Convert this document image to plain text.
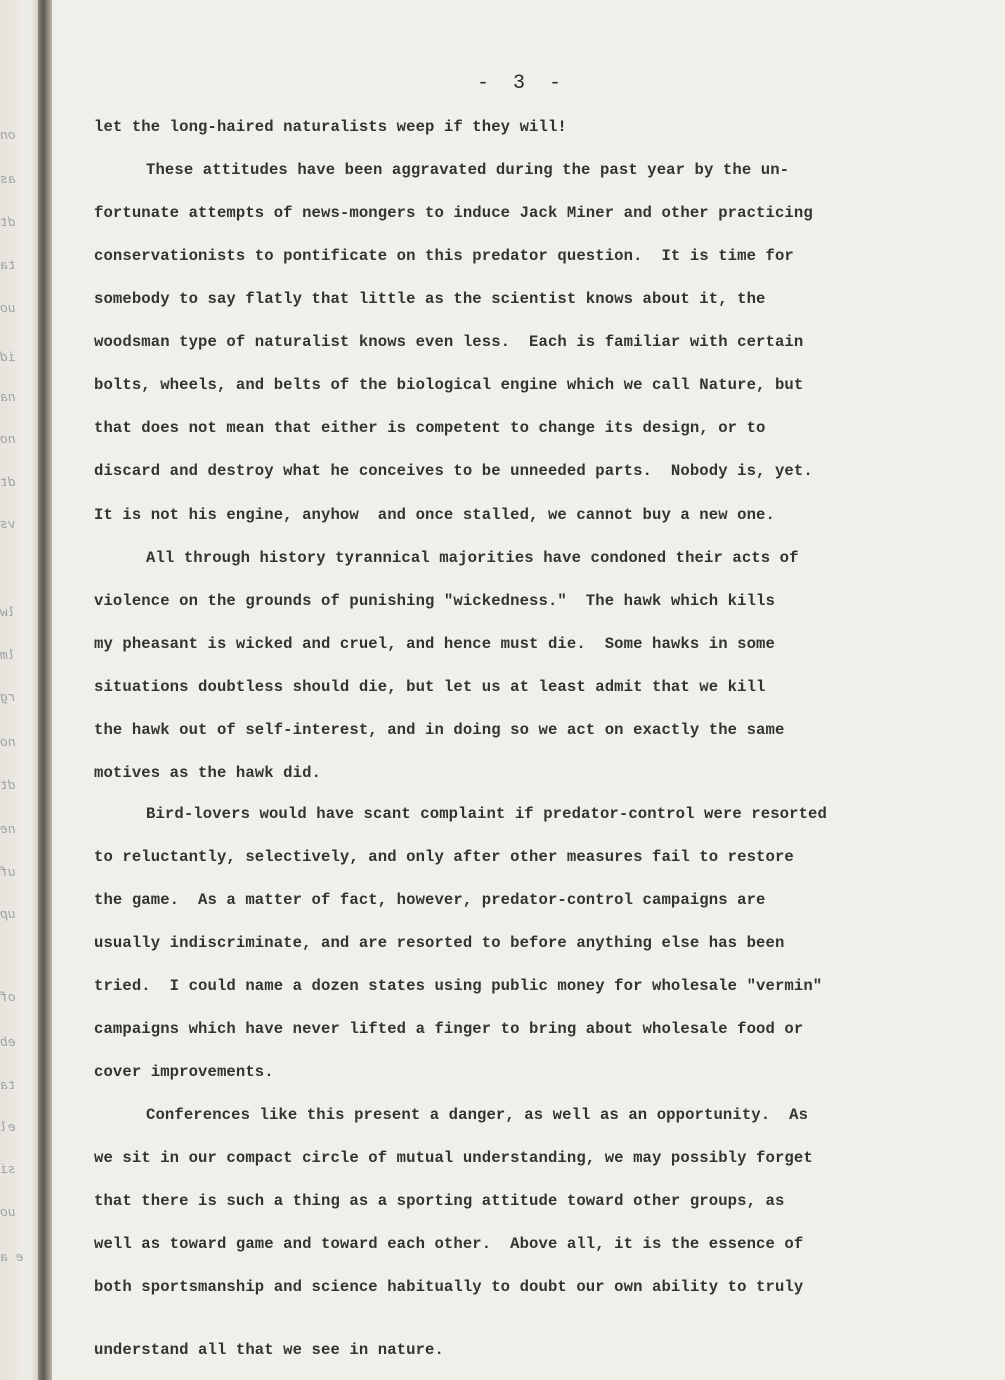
on
as
dt
ta
uo
id
na
no
dt
vs
lw
lm
rg
no
dt
ne
uf
up
of
eb
ta
el
si
uo
e a
- 3 -
let the long-haired naturalists weep if they will!
These attitudes have been aggravated during the past year by the un-
fortunate attempts of news-mongers to induce Jack Miner and other practicing
conservationists to pontificate on this predator question.  It is time for
somebody to say flatly that little as the scientist knows about it, the
woodsman type of naturalist knows even less.  Each is familiar with certain
bolts, wheels, and belts of the biological engine which we call Nature, but
that does not mean that either is competent to change its design, or to
discard and destroy what he conceives to be unneeded parts.  Nobody is, yet.
It is not his engine, anyhow  and once stalled, we cannot buy a new one.
All through history tyrannical majorities have condoned their acts of
violence on the grounds of punishing "wickedness."  The hawk which kills
my pheasant is wicked and cruel, and hence must die.  Some hawks in some
situations doubtless should die, but let us at least admit that we kill
the hawk out of self-interest, and in doing so we act on exactly the same
motives as the hawk did.
Bird-lovers would have scant complaint if predator-control were resorted
to reluctantly, selectively, and only after other measures fail to restore
the game.  As a matter of fact, however, predator-control campaigns are
usually indiscriminate, and are resorted to before anything else has been
tried.  I could name a dozen states using public money for wholesale "vermin"
campaigns which have never lifted a finger to bring about wholesale food or
cover improvements.
Conferences like this present a danger, as well as an opportunity.  As
we sit in our compact circle of mutual understanding, we may possibly forget
that there is such a thing as a sporting attitude toward other groups, as
well as toward game and toward each other.  Above all, it is the essence of
both sportsmanship and science habitually to doubt our own ability to truly
understand all that we see in nature.
